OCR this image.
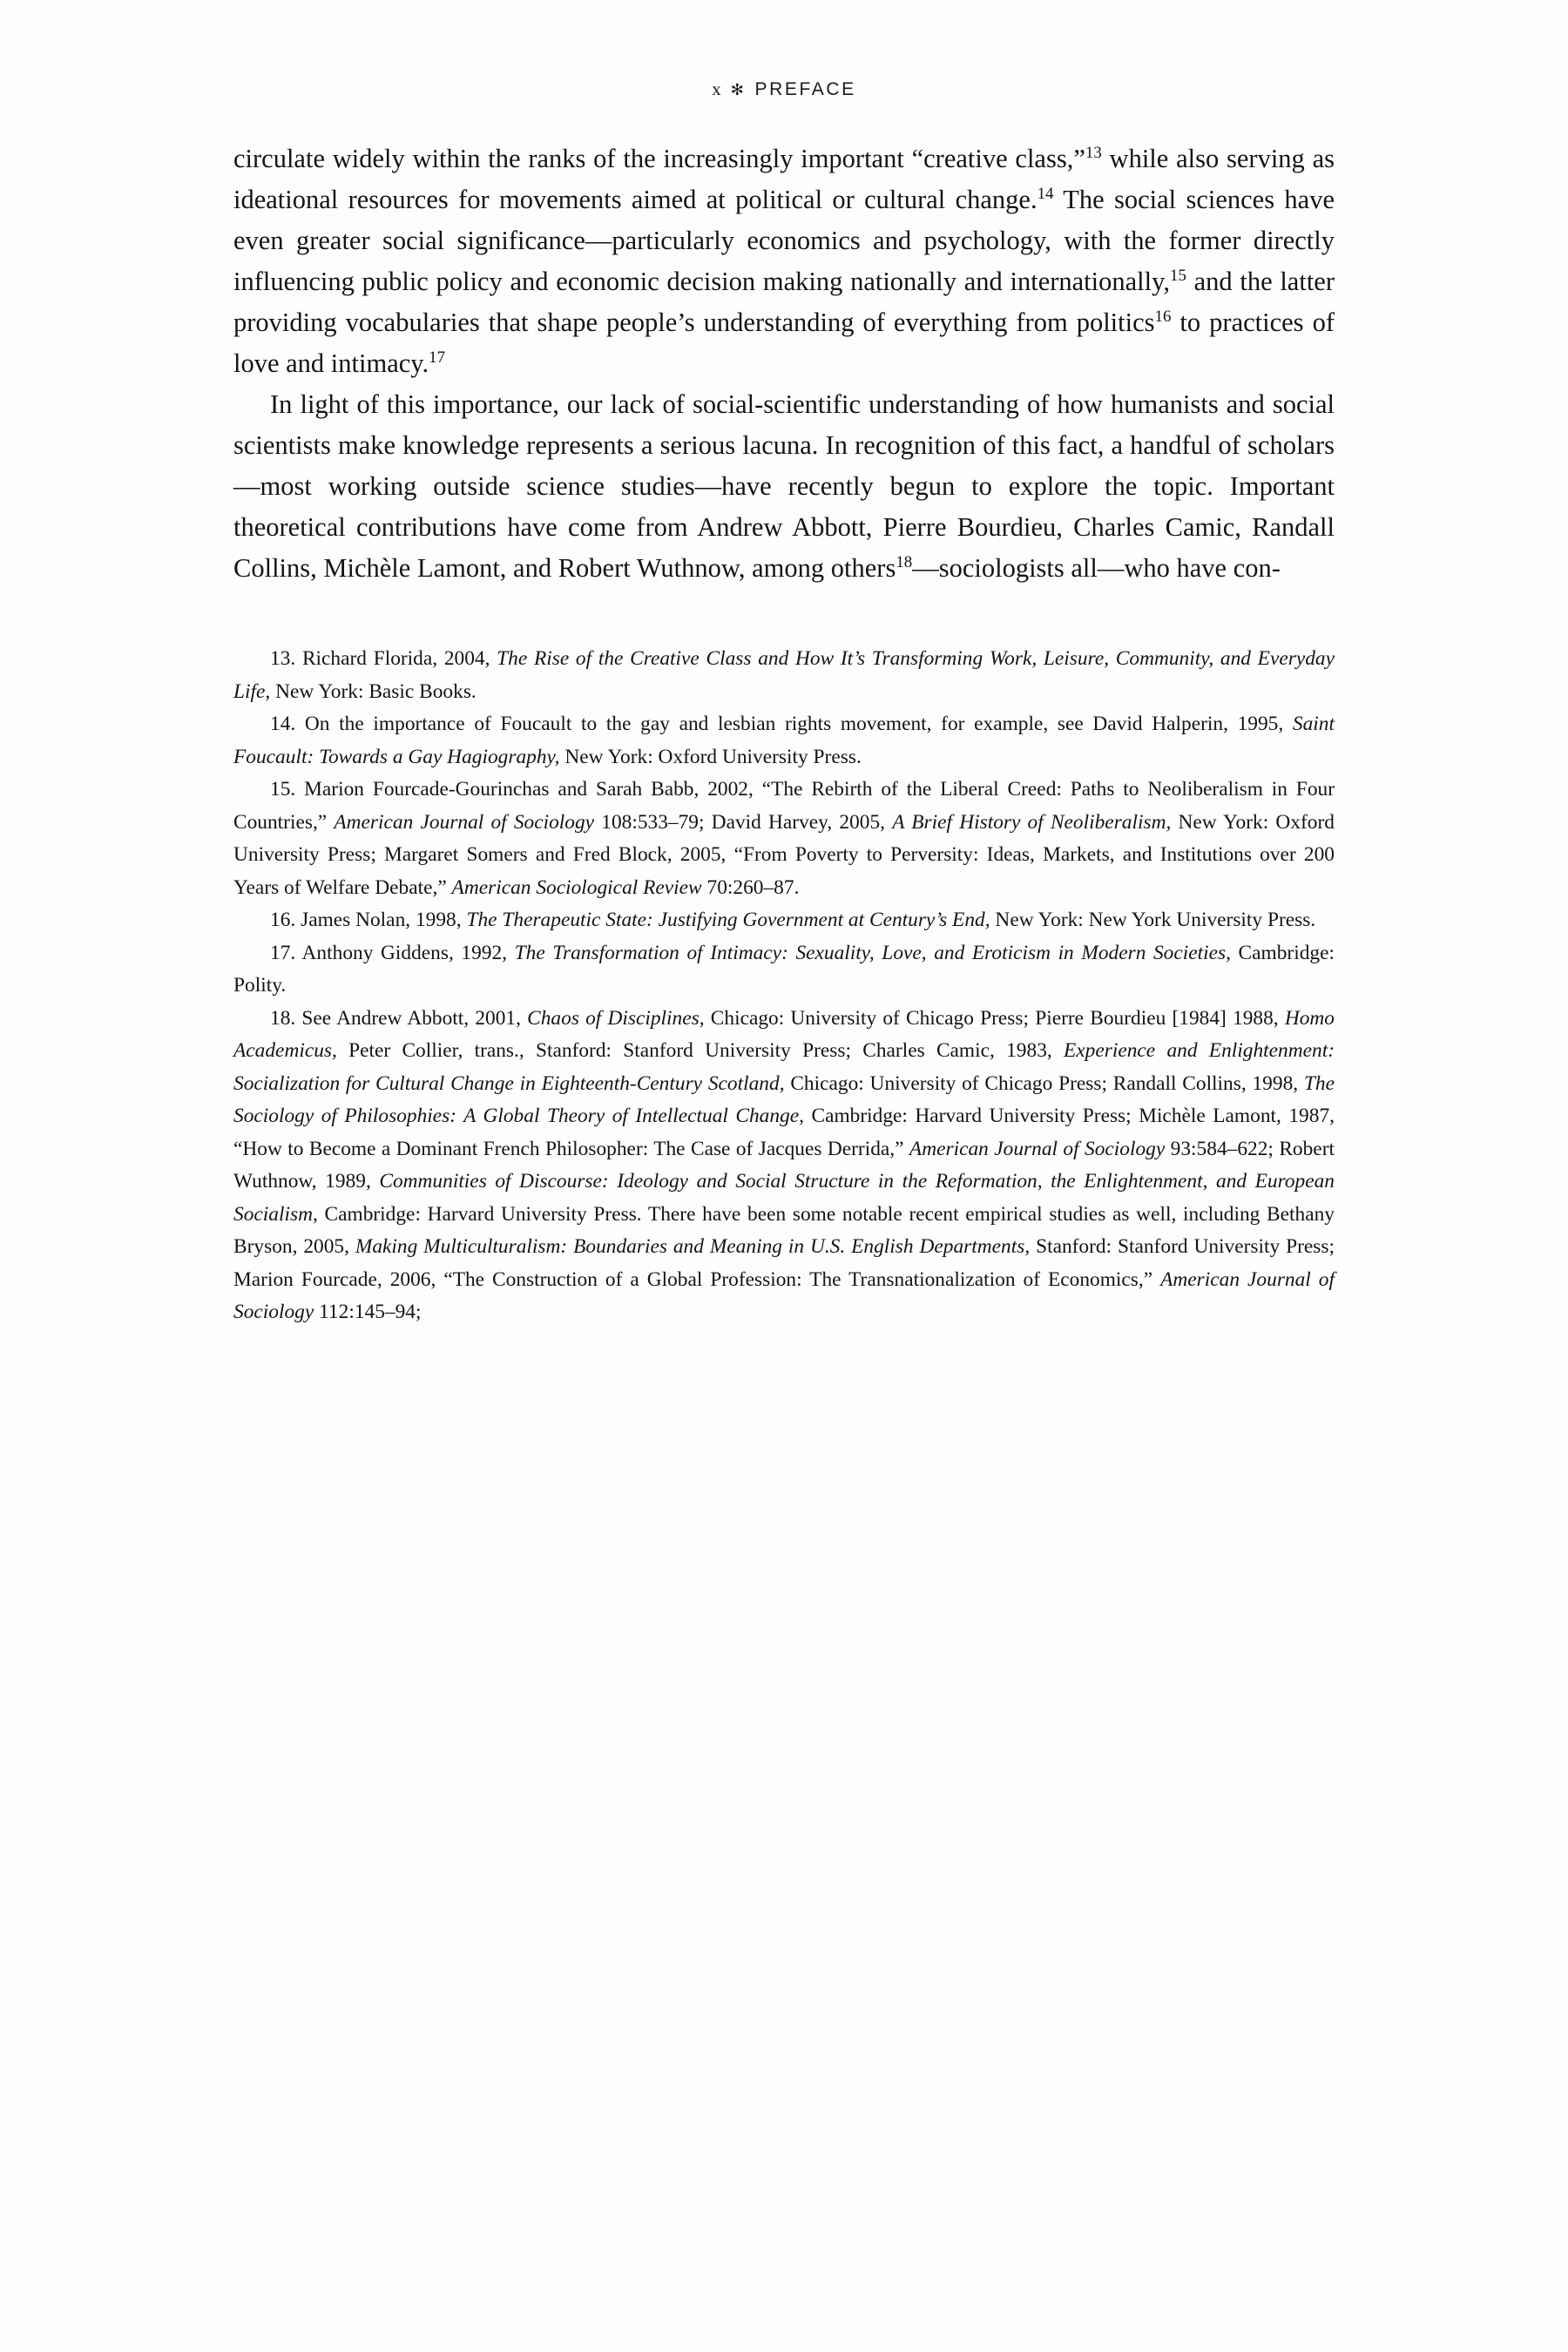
x ✻ PREFACE

circulate widely within the ranks of the increasingly important “creative class,”$^{13}$ while also serving as ideational resources for movements aimed at political or cultural change.$^{14}$ The social sciences have even greater social significance—particularly economics and psychology, with the former directly influencing public policy and economic decision making nationally and internationally,$^{15}$ and the latter providing vocabularies that shape people’s understanding of everything from politics$^{16}$ to practices of love and intimacy.$^{17}$

In light of this importance, our lack of social-scientific understanding of how humanists and social scientists make knowledge represents a serious lacuna. In recognition of this fact, a handful of scholars—most working outside science studies—have recently begun to explore the topic. Important theoretical contributions have come from Andrew Abbott, Pierre Bourdieu, Charles Camic, Randall Collins, Michèle Lamont, and Robert Wuthnow, among others$^{18}$—sociologists all—who have con-

13. Richard Florida, 2004, The Rise of the Creative Class and How It’s Transforming Work, Leisure, Community, and Everyday Life, New York: Basic Books.

14. On the importance of Foucault to the gay and lesbian rights movement, for example, see David Halperin, 1995, Saint Foucault: Towards a Gay Hagiography, New York: Oxford University Press.

15. Marion Fourcade-Gourinchas and Sarah Babb, 2002, “The Rebirth of the Liberal Creed: Paths to Neoliberalism in Four Countries,” American Journal of Sociology 108:533–79; David Harvey, 2005, A Brief History of Neoliberalism, New York: Oxford University Press; Margaret Somers and Fred Block, 2005, “From Poverty to Perversity: Ideas, Markets, and Institutions over 200 Years of Welfare Debate,” American Sociological Review 70:260–87.

16. James Nolan, 1998, The Therapeutic State: Justifying Government at Century’s End, New York: New York University Press.

17. Anthony Giddens, 1992, The Transformation of Intimacy: Sexuality, Love, and Eroticism in Modern Societies, Cambridge: Polity.

18. See Andrew Abbott, 2001, Chaos of Disciplines, Chicago: University of Chicago Press; Pierre Bourdieu [1984] 1988, Homo Academicus, Peter Collier, trans., Stanford: Stanford University Press; Charles Camic, 1983, Experience and Enlightenment: Socialization for Cultural Change in Eighteenth-Century Scotland, Chicago: University of Chicago Press; Randall Collins, 1998, The Sociology of Philosophies: A Global Theory of Intellectual Change, Cambridge: Harvard University Press; Michèle Lamont, 1987, “How to Become a Dominant French Philosopher: The Case of Jacques Derrida,” American Journal of Sociology 93:584–622; Robert Wuthnow, 1989, Communities of Discourse: Ideology and Social Structure in the Reformation, the Enlightenment, and European Socialism, Cambridge: Harvard University Press. There have been some notable recent empirical studies as well, including Bethany Bryson, 2005, Making Multiculturalism: Boundaries and Meaning in U.S. English Departments, Stanford: Stanford University Press; Marion Fourcade, 2006, “The Construction of a Global Profession: The Transnationalization of Economics,” American Journal of Sociology 112:145–94;
